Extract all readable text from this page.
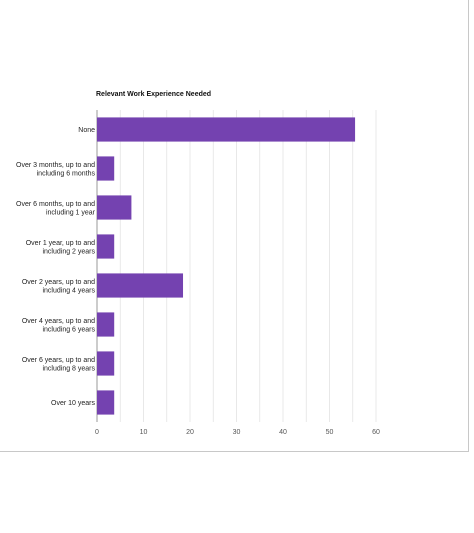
Relevant Work Experience Needed
None
Over 3 months, up to and including 6 months
Over 6 months, up to and including 1 year
Over 1 year, up to and including 2 years
Over 2 years, up to and including 4 years
Over 4 years, up to and including 6 years
Over 6 years, up to and including 8 years
Over 10 years
0	10	20	30	40	50	60
